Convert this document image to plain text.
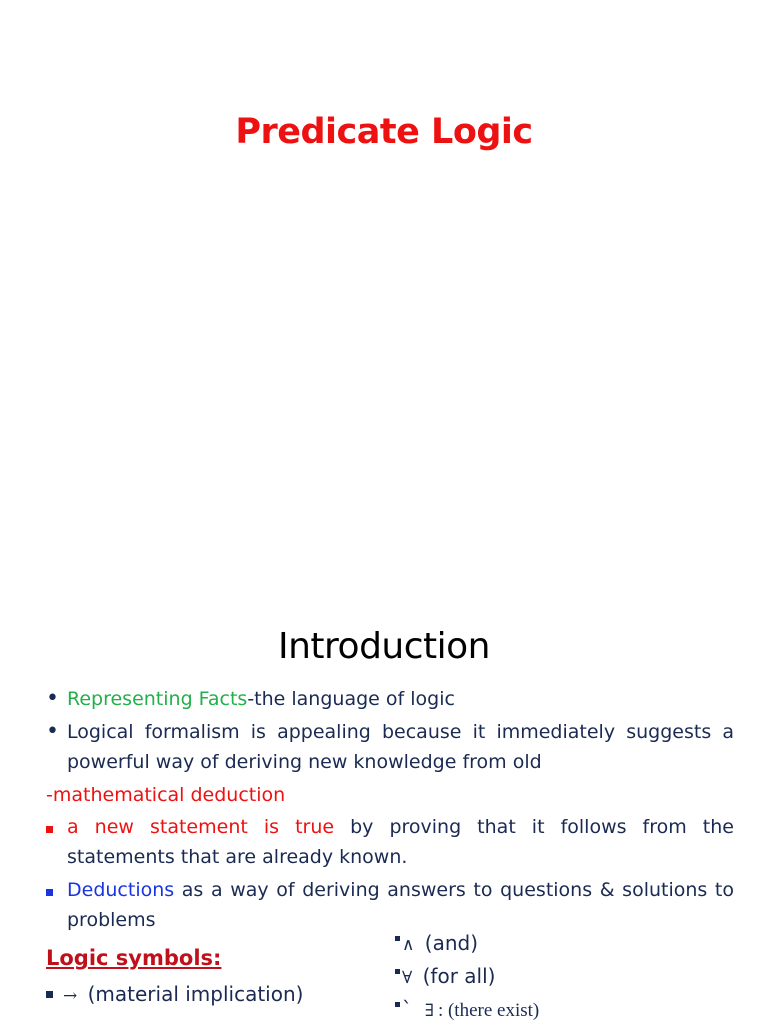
Predicate Logic
Introduction
• Representing Facts-the language of logic
• Logical formalism is appealing because it immediately suggests a powerful way of deriving new knowledge from old
-mathematical deduction
a new statement is true by proving that it follows from the statements that are already known.
Deductions as a way of deriving answers to questions & solutions to problems
Logic symbols:
→ (material implication)
∧ (and)
∀ (for all)
` ∃ : (there exist)
